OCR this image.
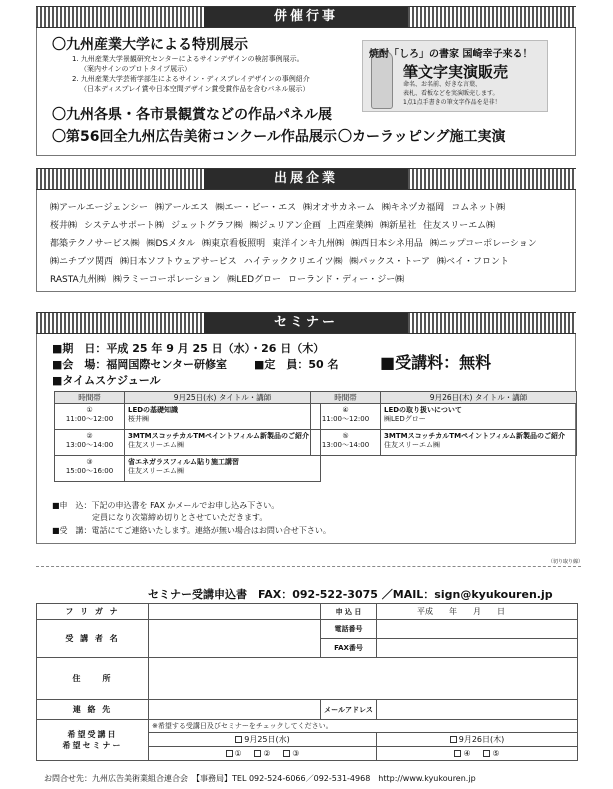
併催行事
〇九州産業大学による特別展示
1. 九州産業大学景観研究センターによるサインデザインの検討事例展示。
（案内サインのプロトタイプ展示）
2. 九州産業大学芸術学部生によるサイン・ディスプレイデザインの事例紹介
（日本ディスプレイ賞や日本空間デザイン賞受賞作品を含むパネル展示）
〇九州各県・各市景観賞などの作品パネル展
〇第56回全九州広告美術コンクール作品展示 〇カーラッピング施工実演
焼酎「しろ」の書家 国崎幸子来る！
筆文字実演販売
命名、お名前、好きな言葉、
表札、看板などを実演販売します。
1点1点手書きの筆文字作品を是非！
出展企業
㈱アールエージェンシー ㈱アールエス ㈱エー・ビー・エス ㈱オオサカネーム ㈱キネヅカ福岡 コムネット㈱
桜井㈱ システムサポート㈱ ジェットグラフ㈱ ㈱ジュリアン企画 上西産業㈱ ㈱新星社 住友スリーエム㈱
都築テクノサービス㈱ ㈱DSメタル ㈱東京看板照明 東洋インキ九州㈱ ㈱西日本シネ用品 ㈱ニップコーポレーション
㈱ニチブツ関西 ㈱日本ソフトウェアサービス ハイテッククリエイツ㈱ ㈱パックス・トーア ㈱ベイ・フロント
RASTA九州㈱ ㈱ラミーコーポレーション ㈱LEDグロー ローランド・ディー・ジー㈱
セミナー
■期　日：平成 25 年 9 月 25 日（水）・26 日（木）
■会　場：福岡国際センター研修室 ■定　員：50 名
■タイムスケジュール
■受講料：無料
時間帯	9月25日(水) タイトル・講師
①
11:00～12:00	LEDの基礎知識
桜井㈱
②
13:00～14:00	3MTMスコッチカルTMペイントフィルム新製品のご紹介
住友スリーエム㈱
③
15:00～16:00	省エネガラスフィルム貼り施工講習
住友スリーエム㈱
時間帯	9月26日(木) タイトル・講師
④
11:00～12:00	LEDの取り扱いについて
㈱LEDグロー
⑤
13:00～14:00	3MTMスコッチカルTMペイントフィルム新製品のご紹介
住友スリーエム㈱
■申　込：下記の申込書を FAX かメールでお申し込み下さい。
　　　　　定員になり次第締め切りとさせていただきます。
■受　講：電話にてご連絡いたします。連絡が無い場合はお問い合せ下さい。
（切り取り線）
セミナー受講申込書　FAX：092-522-3075 ／MAIL：sign@kyukouren.jp
フ リ ガ ナ		申 込 日	平成　　年　　月　　日
受 講 者 名		電話番号	
		FAX番号	
住　　所			
連 絡 先		メールアドレス	
希望受講日
希望セミナー	※希望する受講日及びセミナーをチェックしてください。		
	9月25日(水)		9月26日(木)
	① ② ③		④ ⑤
お問合せ先：九州広告美術業組合連合会　【事務局】TEL 092-524-6066／092-531-4968　http://www.kyukouren.jp
